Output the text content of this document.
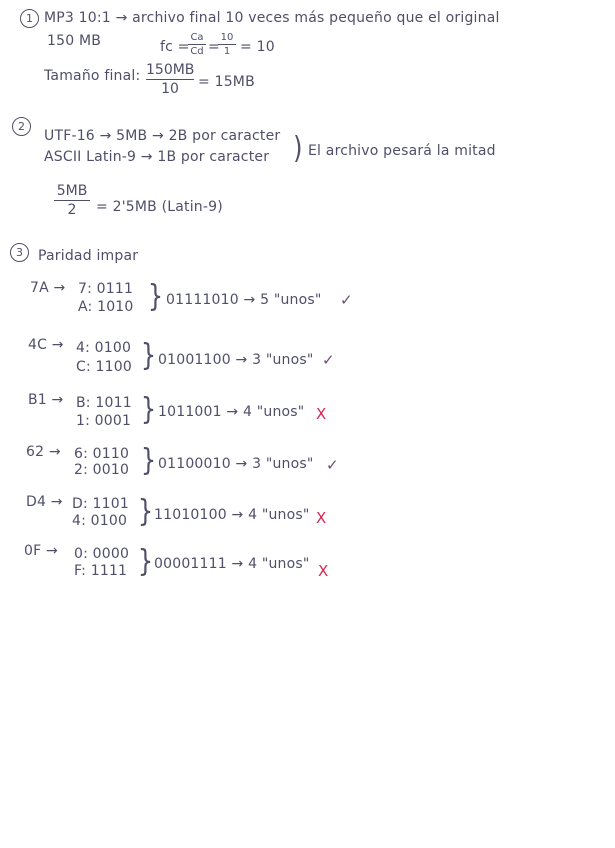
1 MP3 10:1 → archivo final 10 veces más pequeño que el original
150 MB	fc =
Ca
Cd =
10
1 = 10
Tamaño final: 150MB
10	= 15MB
2
UTF-16 → 5MB → 2B por caracter
ASCII Latin-9 → 1B por caracter ) El archivo pesará la mitad
5MB
2	= 2'5MB (Latin-9)
3	Paridad impar
7A → 7: 0111
A: 1010 } 01111010 → 5 "unos" ✓
4C → 4: 0100
C: 1100 } 01001100 → 3 "unos" ✓
B1 → B: 1011
1: 0001 } 1011001 → 4 "unos" X
62 → 6: 0110
2: 0010 } 01100010 → 3 "unos" ✓
D4 → D: 1101
4: 0100 } 11010100 → 4 "unos" X
0F → 0: 0000
F: 1111 } 00001111 → 4 "unos" X
